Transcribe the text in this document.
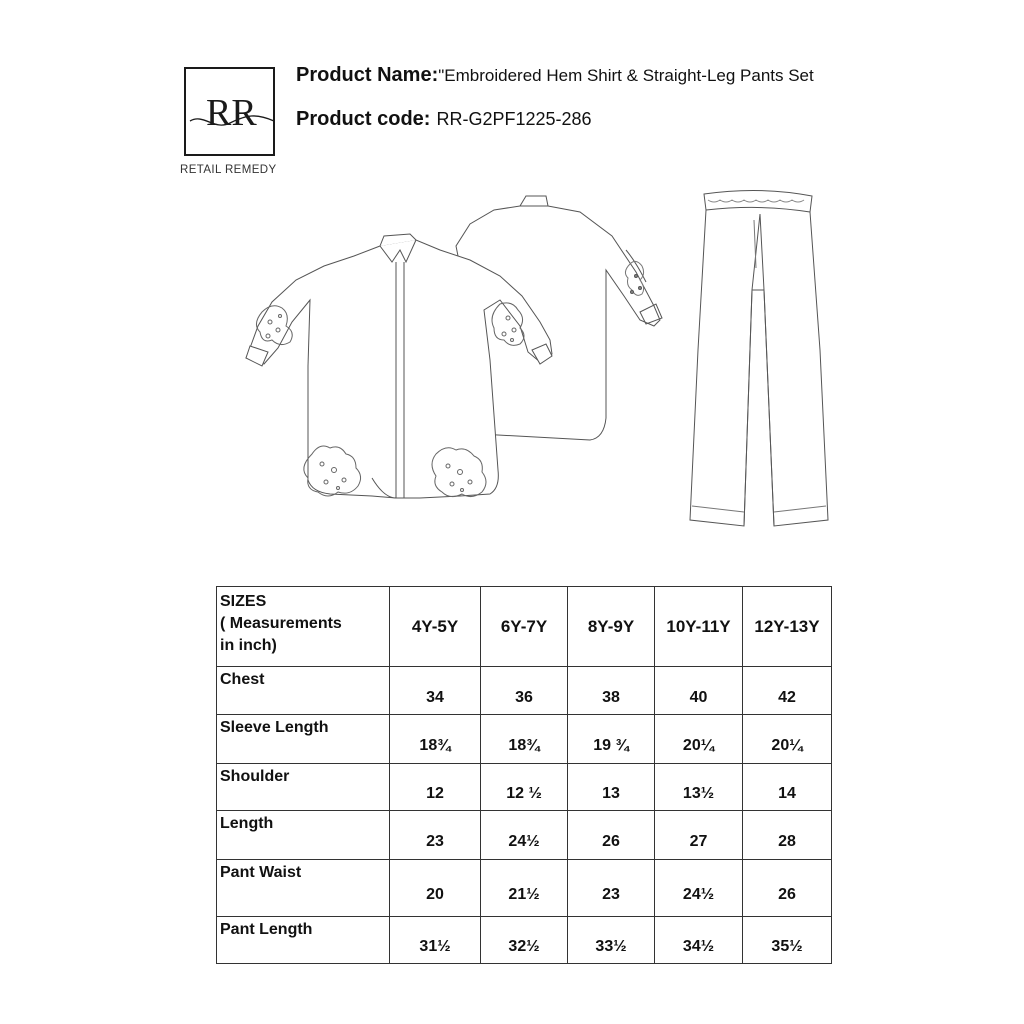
RR
RETAIL REMEDY
Product Name:"Embroidered Hem Shirt & Straight-Leg Pants Set
Product code: RR-G2PF1225-286
SIZES
( Measurements
in inch)	4Y-5Y	6Y-7Y	8Y-9Y	10Y-11Y	12Y-13Y
Chest	34	36	38	40	42
Sleeve Length	18¾	18¾	19 ¾	20¼	20¼
Shoulder	12	12 ½	13	13½	14
Length	23	24½	26	27	28
Pant Waist	20	21½	23	24½	26
Pant Length	31½	32½	33½	34½	35½
